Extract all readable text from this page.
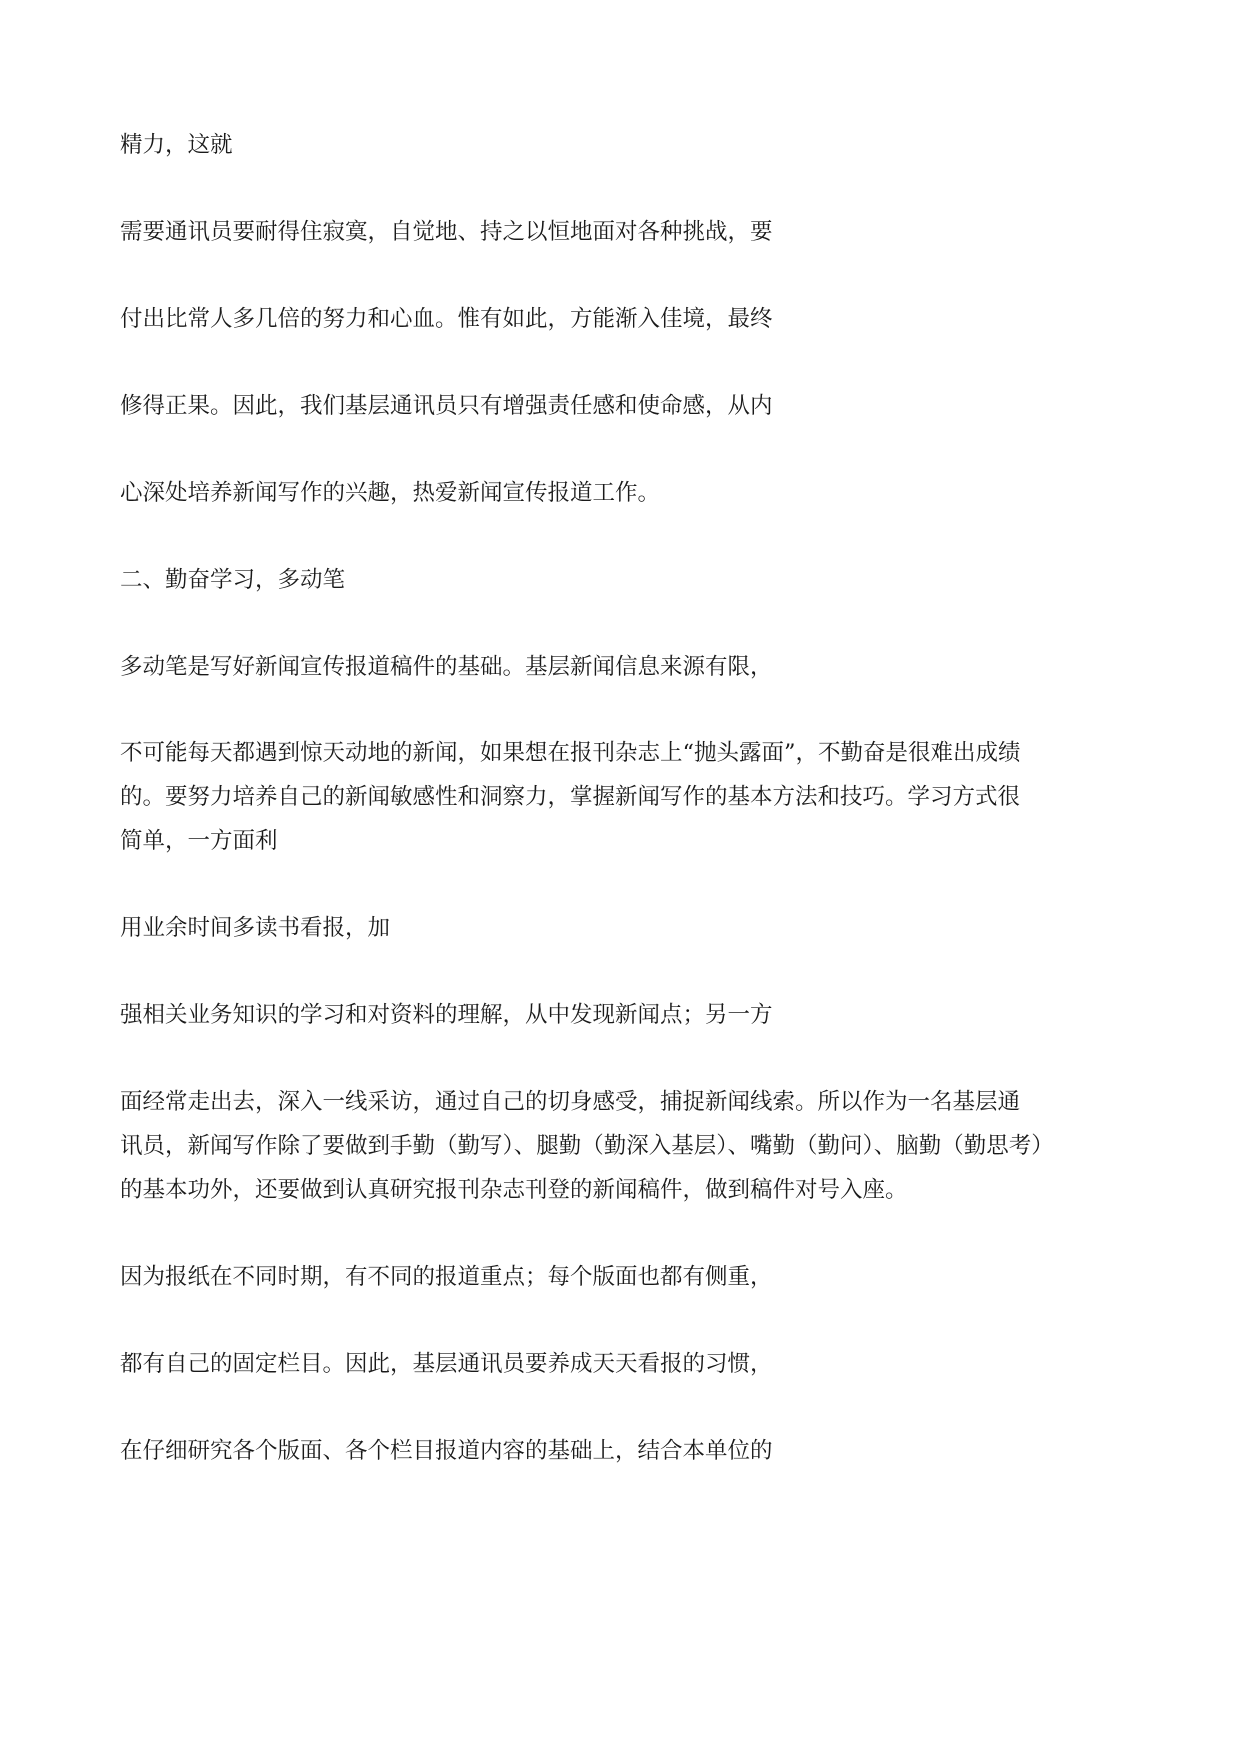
精力，这就
需要通讯员要耐得住寂寞，自觉地、持之以恒地面对各种挑战，要
付出比常人多几倍的努力和心血。惟有如此，方能渐入佳境，最终
修得正果。因此，我们基层通讯员只有增强责任感和使命感，从内
心深处培养新闻写作的兴趣，热爱新闻宣传报道工作。
二、勤奋学习，多动笔
多动笔是写好新闻宣传报道稿件的基础。基层新闻信息来源有限，
不可能每天都遇到惊天动地的新闻，如果想在报刊杂志上“抛头露面”，不勤奋是很难出成绩
的。要努力培养自己的新闻敏感性和洞察力，掌握新闻写作的基本方法和技巧。学习方式很
简单，一方面利
用业余时间多读书看报，加
强相关业务知识的学习和对资料的理解，从中发现新闻点；另一方
面经常走出去，深入一线采访，通过自己的切身感受，捕捉新闻线索。所以作为一名基层通
讯员，新闻写作除了要做到手勤（勤写）、腿勤（勤深入基层）、嘴勤（勤问）、脑勤（勤思考）
的基本功外，还要做到认真研究报刊杂志刊登的新闻稿件，做到稿件对号入座。
因为报纸在不同时期，有不同的报道重点；每个版面也都有侧重，
都有自己的固定栏目。因此，基层通讯员要养成天天看报的习惯，
在仔细研究各个版面、各个栏目报道内容的基础上，结合本单位的
